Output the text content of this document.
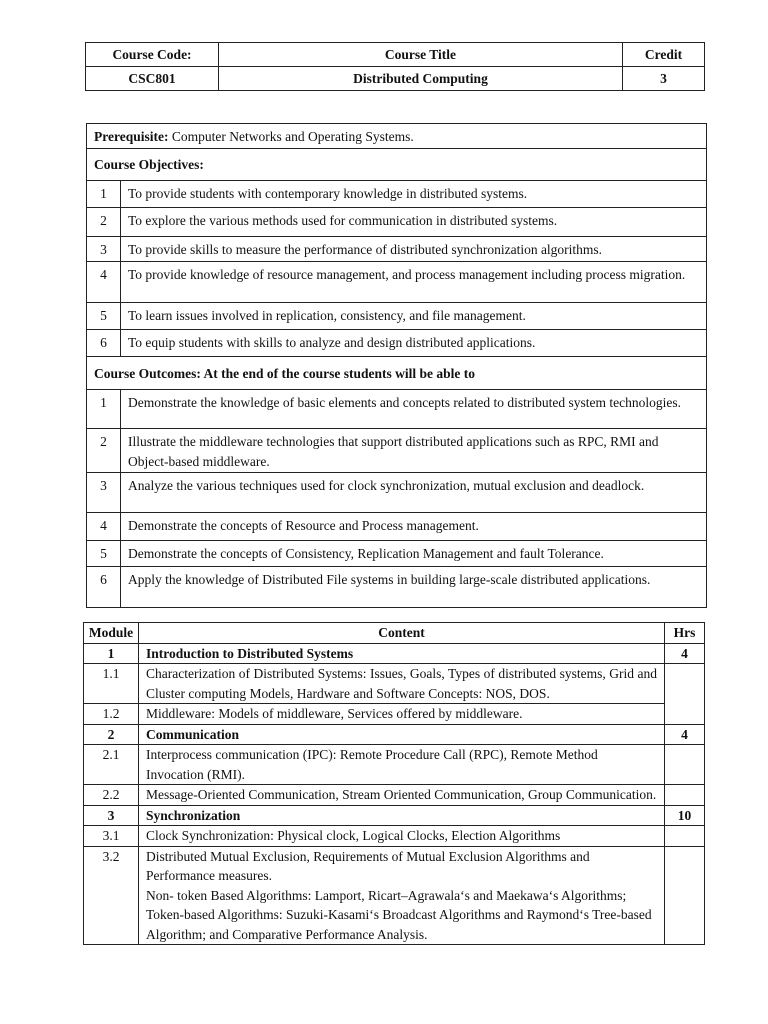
Course Code:	Course Title	Credit
CSC801	Distributed Computing	3
Prerequisite: Computer Networks and Operating Systems.	
Course Objectives:	
1	To provide students with contemporary knowledge in distributed systems.
2	To explore the various methods used for communication in distributed systems.
3	To provide skills to measure the performance of distributed synchronization algorithms.
4	To provide knowledge of resource management, and process management including process migration.
5	To learn issues involved in replication, consistency, and file management.
6	To equip students with skills to analyze and design distributed applications.
Course Outcomes: At the end of the course students will be able to	
1	Demonstrate the knowledge of basic elements and concepts related to distributed system technologies.
2	Illustrate the middleware technologies that support distributed applications such as RPC, RMI and Object-based middleware.
3	Analyze the various techniques used for clock synchronization, mutual exclusion and deadlock.
4	Demonstrate the concepts of Resource and Process management.
5	Demonstrate the concepts of Consistency, Replication Management and fault Tolerance.
6	Apply the knowledge of Distributed File systems in building large-scale distributed applications.
Module	Content	Hrs
1	Introduction to Distributed Systems	4
1.1	Characterization of Distributed Systems: Issues, Goals, Types of distributed systems, Grid and Cluster computing Models, Hardware and Software Concepts: NOS, DOS.	
1.2	Middleware: Models of middleware, Services offered by middleware.	
2	Communication	4
2.1	Interprocess communication (IPC): Remote Procedure Call (RPC), Remote Method Invocation (RMI).	
2.2	Message-Oriented Communication, Stream Oriented Communication, Group Communication.	
3	Synchronization	10
3.1	Clock Synchronization: Physical clock, Logical Clocks, Election Algorithms	
3.2	Distributed Mutual Exclusion, Requirements of Mutual Exclusion Algorithms and Performance measures.
Non- token Based Algorithms: Lamport, Ricart–Agrawala‘s and Maekawa‘s Algorithms; Token-based Algorithms: Suzuki-Kasami‘s Broadcast Algorithms and Raymond‘s Tree-based Algorithm; and Comparative Performance Analysis.	
